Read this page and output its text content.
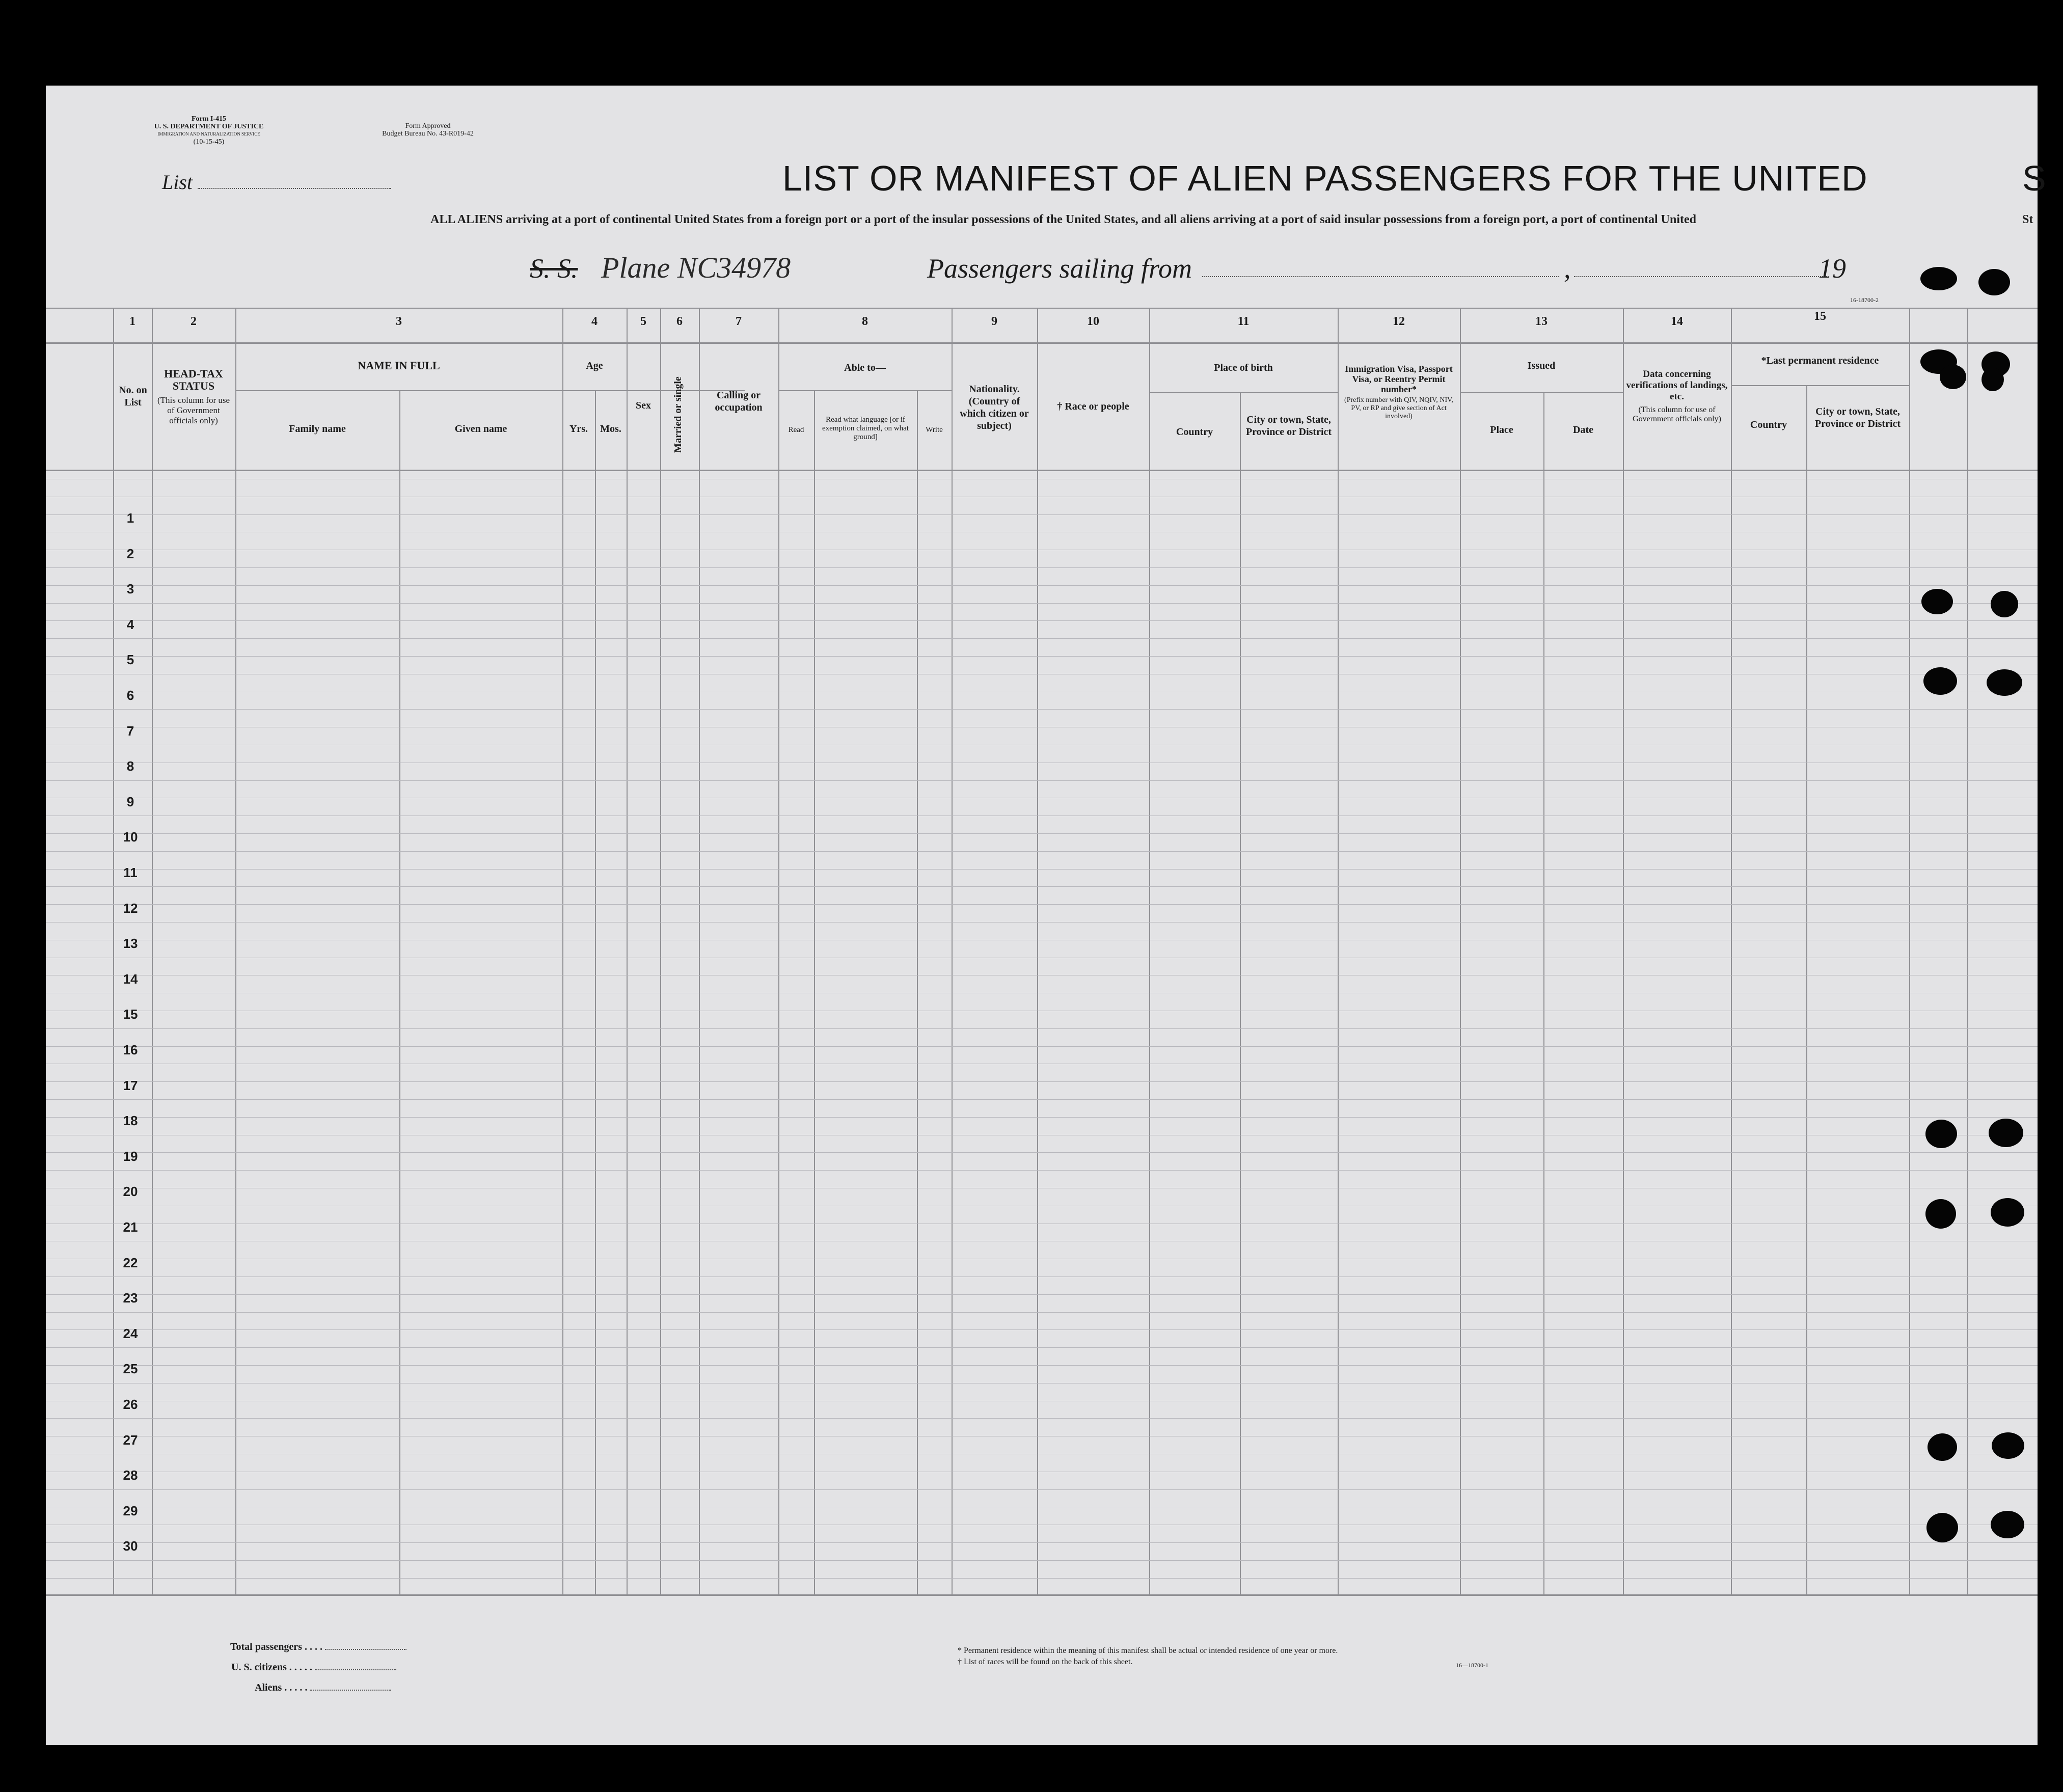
Form I-415
U. S. DEPARTMENT OF JUSTICE
IMMIGRATION AND NATURALIZATION SERVICE
(10-15-45)
Form Approved
Budget Bureau No. 43-R019-42
List	LIST OR MANIFEST OF ALIEN PASSENGERS FOR THE UNITED	S
ALL ALIENS arriving at a port of continental United States from a foreign port or a port of the insular possessions of the United States, and all aliens arriving at a port of said insular possessions from a foreign port, a port of continental United	St
S. S. Plane NC34978	Passengers sailing from	,	19
16-18700-2
1	2	3	4	5	6	7	8	9	10	11	12	13	14	15
No. on List
HEAD-TAX STATUS
(This column for use of Government officials only)
NAME IN FULL
Family name	Given name
Age
Yrs.	Mos.
Sex	Married or single	Calling or occupation
Able to—
Read
Read what language [or if exemption claimed, on what ground]
Write
Nationality. (Country of which citizen or subject)
† Race or people
Place of birth
Country
City or town, State, Province or District
Immigration Visa, Passport Visa, or Reentry Permit number*
(Prefix number with QIV, NQIV, NIV, PV, or RP and give section of Act involved)
Issued
Place	Date
Data concerning verifications of landings, etc.
(This column for use of Government officials only)
*Last permanent residence
Country
City or town, State, Province or District
1
2
3
4
5
6
7
8
9
10
11
12
13
14
15
16
17
18
19
20
21
22
23
24
25
26
27
28
29
30
Total passengers . . . .
U. S. citizens . . . . .
Aliens . . . . .
* Permanent residence within the meaning of this manifest shall be actual or intended residence of one year or more.
† List of races will be found on the back of this sheet.	16—18700-1
